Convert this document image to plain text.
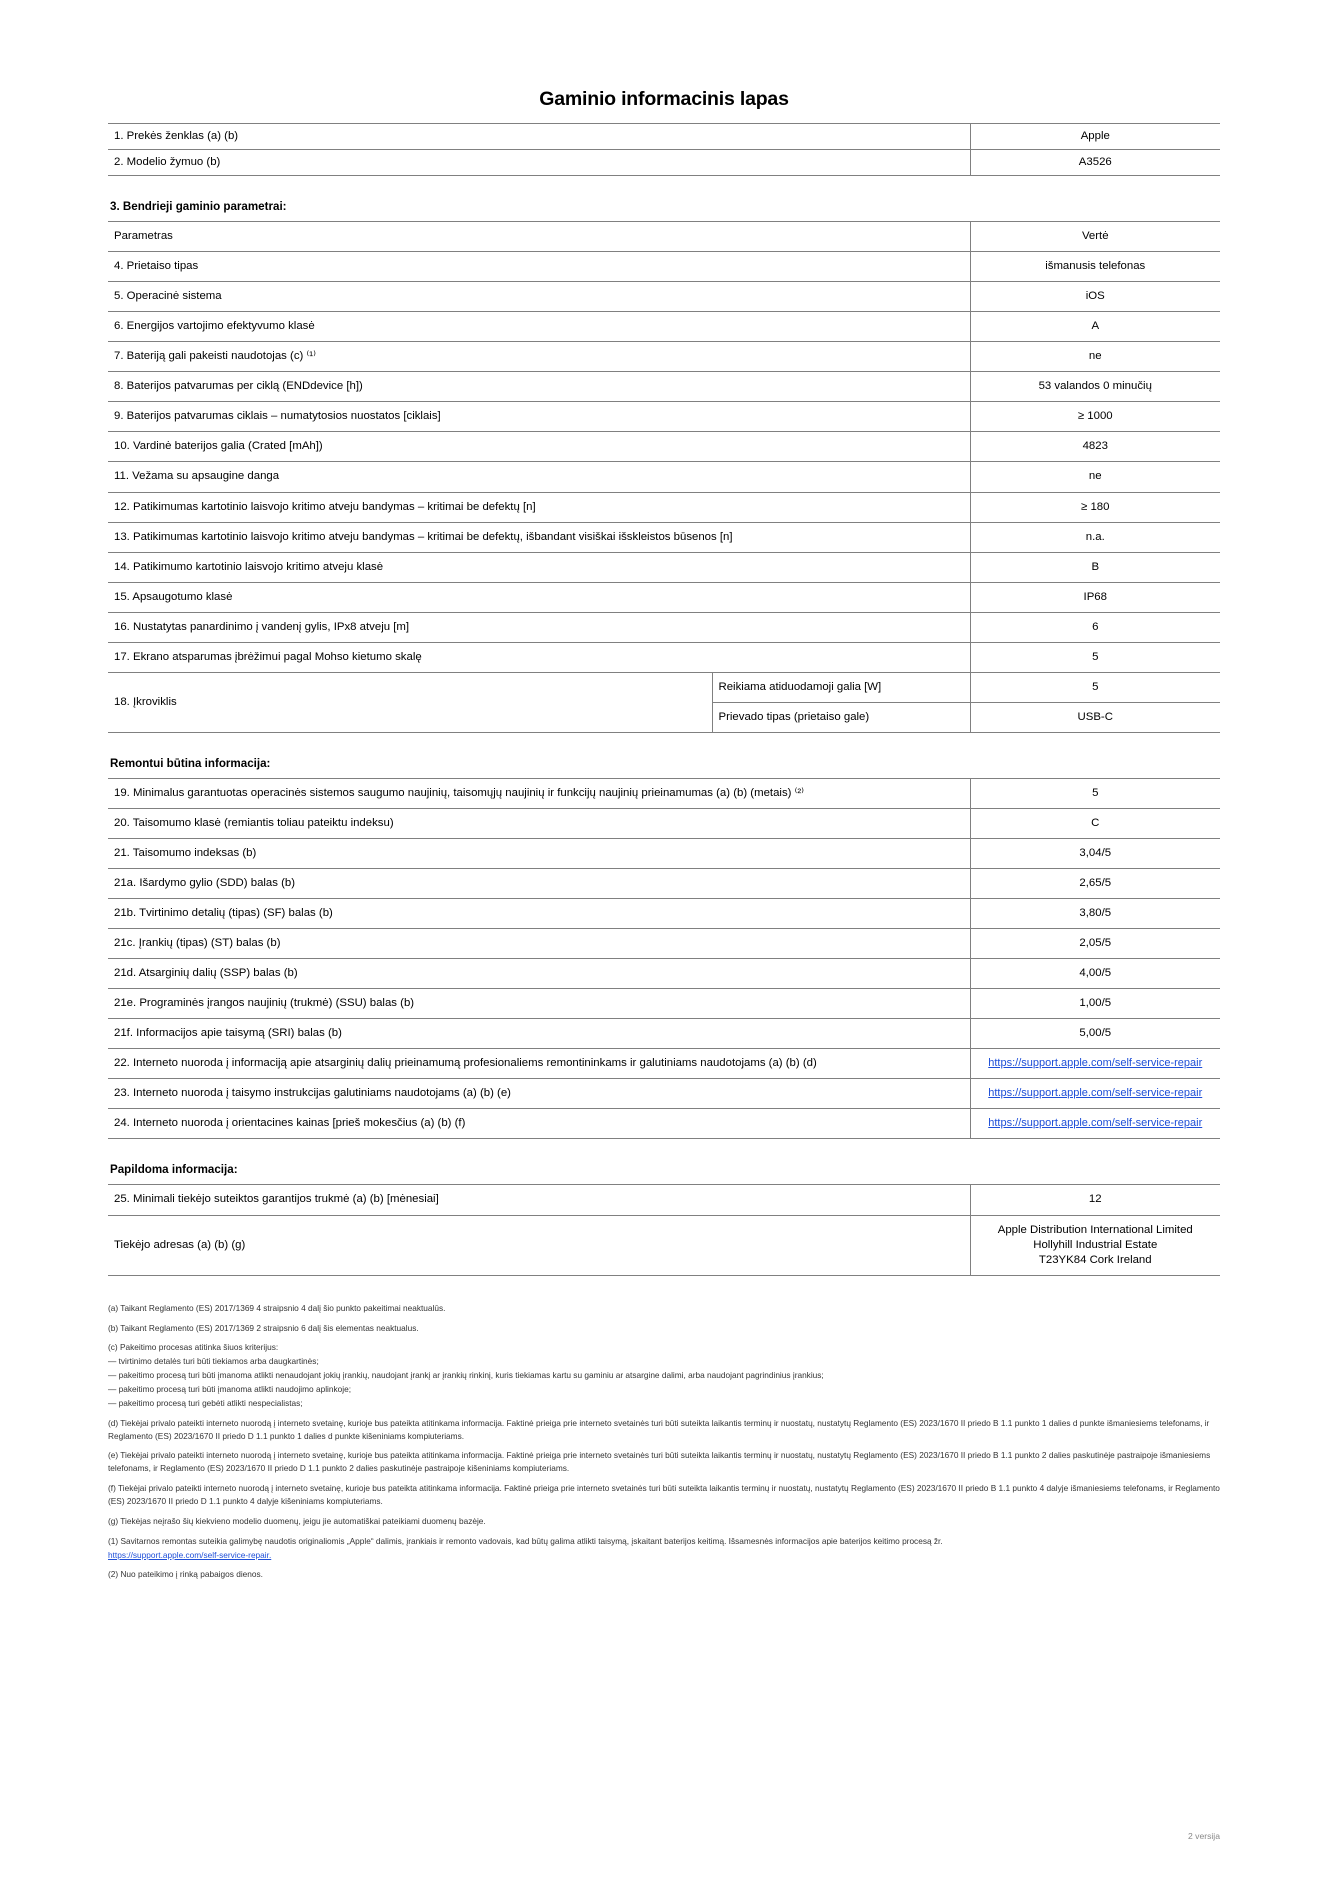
Gaminio informacinis lapas
1. Prekės ženklas (a) (b)	Apple
2. Modelio žymuo (b)	A3526
3. Bendrieji gaminio parametrai:
Parametras		Vertė
4. Prietaiso tipas		išmanusis telefonas
5. Operacinė sistema		iOS
6. Energijos vartojimo efektyvumo klasė		A
7. Bateriją gali pakeisti naudotojas (c) ⁽¹⁾		ne
8. Baterijos patvarumas per ciklą (ENDdevice [h])		53 valandos 0 minučių
9. Baterijos patvarumas ciklais – numatytosios nuostatos [ciklais]		≥ 1000
10. Vardinė baterijos galia (Crated [mAh])		4823
11. Vežama su apsaugine danga		ne
12. Patikimumas kartotinio laisvojo kritimo atveju bandymas – kritimai be defektų [n]		≥ 180
13. Patikimumas kartotinio laisvojo kritimo atveju bandymas – kritimai be defektų, išbandant visiškai išskleistos būsenos [n]		n.a.
14. Patikimumo kartotinio laisvojo kritimo atveju klasė		B
15. Apsaugotumo klasė		IP68
16. Nustatytas panardinimo į vandenį gylis, IPx8 atveju [m]		6
17. Ekrano atsparumas įbrėžimui pagal Mohso kietumo skalę		5
18. Įkroviklis	Reikiama atiduodamoji galia [W]	5
	Prievado tipas (prietaiso gale)	USB-C
Remontui būtina informacija:
19. Minimalus garantuotas operacinės sistemos saugumo naujinių, taisomųjų naujinių ir funkcijų naujinių prieinamumas (a) (b) (metais) ⁽²⁾	5
20. Taisomumo klasė (remiantis toliau pateiktu indeksu)	C
21. Taisomumo indeksas (b)	3,04/5
21a. Išardymo gylio (SDD) balas (b)	2,65/5
21b. Tvirtinimo detalių (tipas) (SF) balas (b)	3,80/5
21c. Įrankių (tipas) (ST) balas (b)	2,05/5
21d. Atsarginių dalių (SSP) balas (b)	4,00/5
21e. Programinės įrangos naujinių (trukmė) (SSU) balas (b)	1,00/5
21f. Informacijos apie taisymą (SRI) balas (b)	5,00/5
22. Interneto nuoroda į informaciją apie atsarginių dalių prieinamumą profesionaliems remontininkams ir galutiniams naudotojams (a) (b) (d)	https://support.apple.com/self-service-repair
23. Interneto nuoroda į taisymo instrukcijas galutiniams naudotojams (a) (b) (e)	https://support.apple.com/self-service-repair
24. Interneto nuoroda į orientacines kainas [prieš mokesčius (a) (b) (f)	https://support.apple.com/self-service-repair
Papildoma informacija:
25. Minimali tiekėjo suteiktos garantijos trukmė (a) (b) [mėnesiai]	12
Tiekėjo adresas (a) (b) (g)	Apple Distribution International Limited
Hollyhill Industrial Estate
T23YK84 Cork Ireland

(a) Taikant Reglamento (ES) 2017/1369 4 straipsnio 4 dalį šio punkto pakeitimai neaktualūs.

(b) Taikant Reglamento (ES) 2017/1369 2 straipsnio 6 dalį šis elementas neaktualus.

(c) Pakeitimo procesas atitinka šiuos kriterijus:

— tvirtinimo detalės turi būti tiekiamos arba daugkartinės;

— pakeitimo procesą turi būti įmanoma atlikti nenaudojant jokių įrankių, naudojant įrankį ar įrankių rinkinį, kuris tiekiamas kartu su gaminiu ar atsargine dalimi, arba naudojant pagrindinius įrankius;

— pakeitimo procesą turi būti įmanoma atlikti naudojimo aplinkoje;

— pakeitimo procesą turi gebėti atlikti nespecialistas;

(d) Tiekėjai privalo pateikti interneto nuorodą į interneto svetainę, kurioje bus pateikta atitinkama informacija. Faktinė prieiga prie interneto svetainės turi būti suteikta laikantis terminų ir nuostatų, nustatytų Reglamento (ES) 2023/1670 II priedo B 1.1 punkto 1 dalies d punkte išmaniesiems telefonams, ir Reglamento (ES) 2023/1670 II priedo D 1.1 punkto 1 dalies d punkte kišeniniams kompiuteriams.

(e) Tiekėjai privalo pateikti interneto nuorodą į interneto svetainę, kurioje bus pateikta atitinkama informacija. Faktinė prieiga prie interneto svetainės turi būti suteikta laikantis terminų ir nuostatų, nustatytų Reglamento (ES) 2023/1670 II priedo B 1.1 punkto 2 dalies paskutinėje pastraipoje išmaniesiems telefonams, ir Reglamento (ES) 2023/1670 II priedo D 1.1 punkto 2 dalies paskutinėje pastraipoje kišeniniams kompiuteriams.

(f) Tiekėjai privalo pateikti interneto nuorodą į interneto svetainę, kurioje bus pateikta atitinkama informacija. Faktinė prieiga prie interneto svetainės turi būti suteikta laikantis terminų ir nuostatų, nustatytų Reglamento (ES) 2023/1670 II priedo B 1.1 punkto 4 dalyje išmaniesiems telefonams, ir Reglamento (ES) 2023/1670 II priedo D 1.1 punkto 4 dalyje kišeniniams kompiuteriams.

(g) Tiekėjas neįrašo šių kiekvieno modelio duomenų, jeigu jie automatiškai pateikiami duomenų bazėje.

(1) Savitarnos remontas suteikia galimybę naudotis originaliomis „Apple“ dalimis, įrankiais ir remonto vadovais, kad būtų galima atlikti taisymą, įskaitant baterijos keitimą. Išsamesnės informacijos apie baterijos keitimo procesą žr.

https://support.apple.com/self-service-repair.

(2) Nuo pateikimo į rinką pabaigos dienos.

2 versija
